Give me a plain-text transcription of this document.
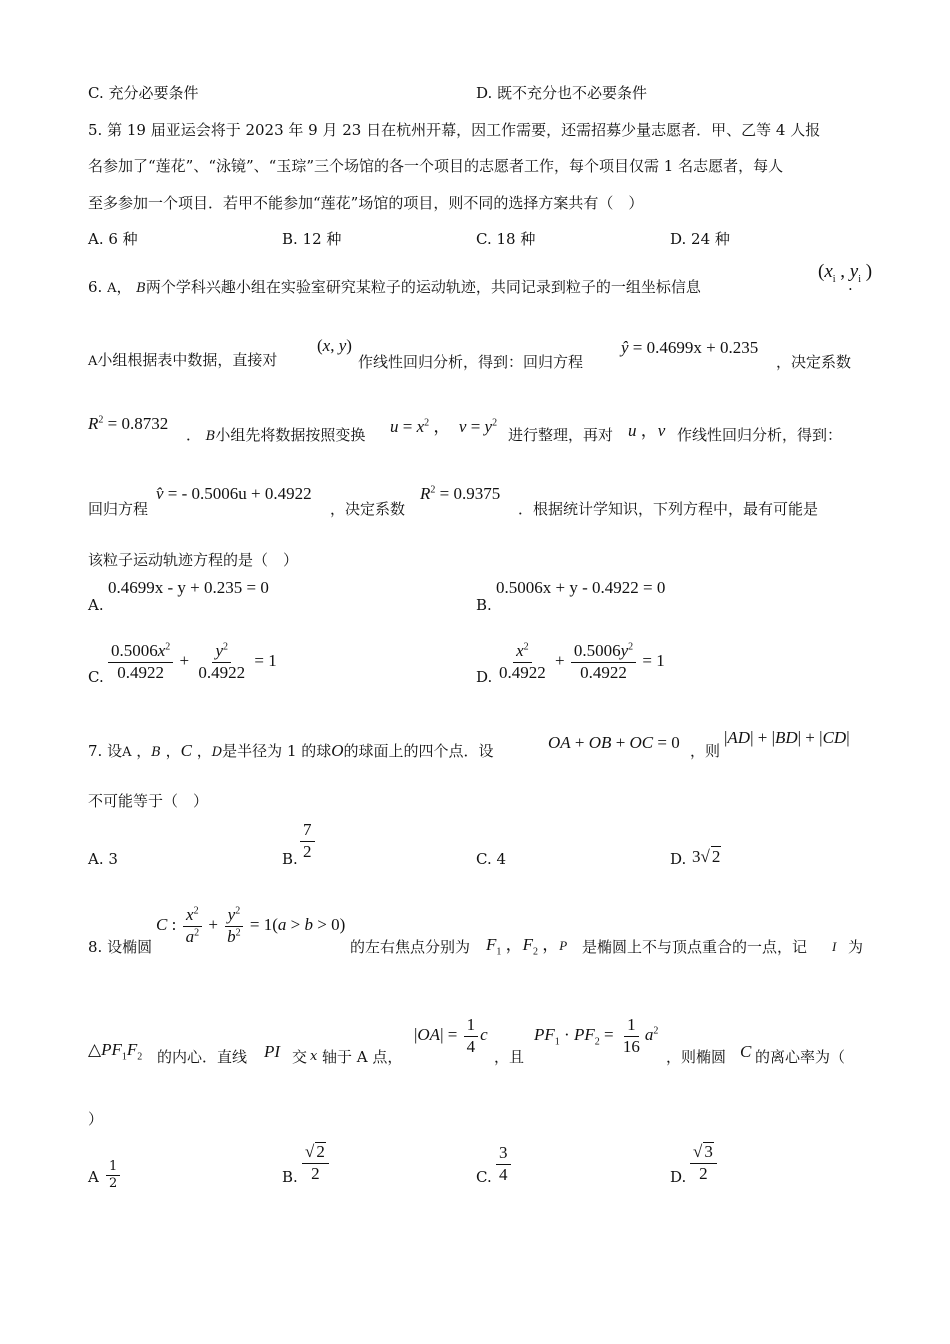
C. 充分必要条件	D. 既不充分也不必要条件
5. 第 19 届亚运会将于 2023 年 9 月 23 日在杭州开幕，因工作需要，还需招募少量志愿者．甲、乙等 4 人报
名参加了“莲花”、“泳镜”、“玉琮”三个场馆的各一个项目的志愿者工作，每个项目仅需 1 名志愿者，每人
至多参加一个项目．若甲不能参加“莲花”场馆的项目，则不同的选择方案共有（　）
A. 6 种	B. 12 种	C. 18 种	D. 24 种
6. A， B两个学科兴趣小组在实验室研究某粒子的运动轨迹，共同记录到粒子的一组坐标信息
($x_i$ , $y_i$ )
.
A小组根据表中数据，直接对
(x, y)
作线性回归分析，得到：回归方程
ŷ = 0.4699x + 0.235
，决定系数
$R^2 = 0.8732$
． B小组先将数据按照变换 $u = x^2$ ，  $v = y^2$
进行整理，再对 u ，v 作线性回归分析，得到：
回归方程
v̂ = - 0.5006u + 0.4922
，决定系数
$R^2 = 0.9375$
．根据统计学知识，下列方程中，最有可能是
该粒子运动轨迹方程的是（　）
A.
0.4699x - y + 0.235 = 0
B.
0.5006x + y - 0.4922 = 0
C. $\frac{0.5006x^2}{0.4922} + \frac{y^2}{0.4922} = 1$
D. $\frac{x^2}{0.4922} + \frac{0.5006y^2}{0.4922} = 1$
7. 设A ，B ，C ，D是半径为 1 的球O的球面上的四个点．设	OA + OB + OC = 0 ，则
|AD| + |BD| + |CD|
不可能等于（　）
A. 3	B. $\frac{7}{2}$	C. 4	D. 3√ 2
8. 设椭圆
C : $\frac{x^2}{a^2} + \frac{y^2}{b^2} = 1(a > b > 0)$
的左右焦点分别为 $F_1$ ，$F_2$ ，P 是椭圆上不与顶点重合的一点，记 I 为
$\triangle PF_1F_2$ 的内心．直线 PI 交 x 轴于 A 点，
$|OA| = \frac{1}{4}$ c
，且
$PF_1 \cdot PF_2 = \frac{1}{16} a^2$
，则椭圆 C 的离心率为（
）
A $\frac{1}{2}$	B. $\frac{√ 2}{2}$	C. $\frac{3}{4}$	D. $\frac{√ 3}{2}$
